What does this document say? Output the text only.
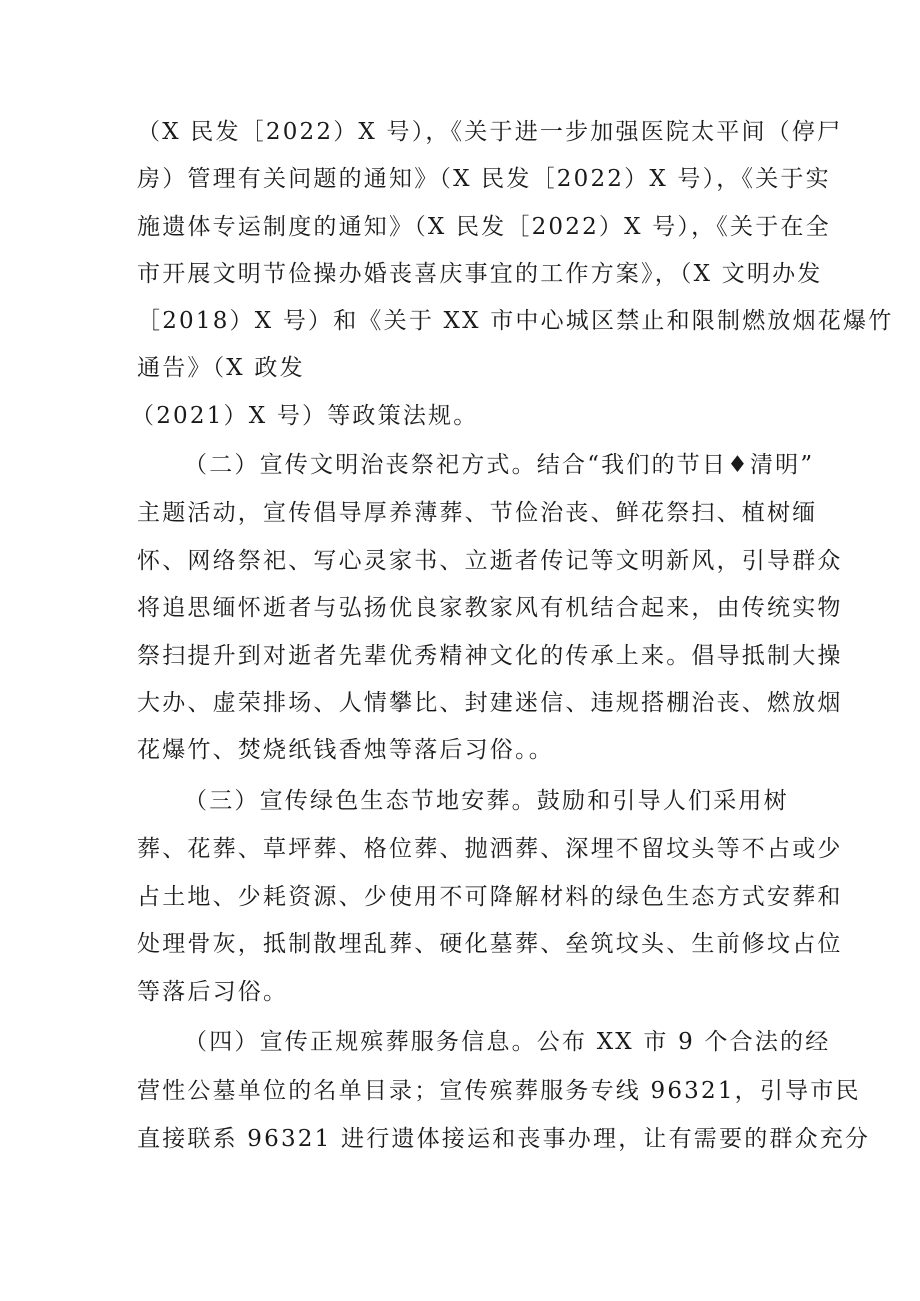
（X 民发［2022）X 号），《关于进一步加强医院太平间（停尸
房）管理有关问题的通知》（X 民发［2022）X 号），《关于实
施遗体专运制度的通知》（X 民发［2022）X 号），《关于在全
市开展文明节俭操办婚丧喜庆事宜的工作方案》，（X 文明办发
［2018）X 号）和《关于 XX 市中心城区禁止和限制燃放烟花爆竹
通告》（X 政发
（2021）X 号）等政策法规。
（二）宣传文明治丧祭祀方式。结合“我们的节日♦清明”
主题活动，宣传倡导厚养薄葬、节俭治丧、鲜花祭扫、植树缅
怀、网络祭祀、写心灵家书、立逝者传记等文明新风，引导群众
将追思缅怀逝者与弘扬优良家教家风有机结合起来，由传统实物
祭扫提升到对逝者先辈优秀精神文化的传承上来。倡导抵制大操
大办、虚荣排场、人情攀比、封建迷信、违规搭棚治丧、燃放烟
花爆竹、焚烧纸钱香烛等落后习俗。。
（三）宣传绿色生态节地安葬。鼓励和引导人们采用树
葬、花葬、草坪葬、格位葬、抛洒葬、深埋不留坟头等不占或少
占土地、少耗资源、少使用不可降解材料的绿色生态方式安葬和
处理骨灰，抵制散埋乱葬、硬化墓葬、垒筑坟头、生前修坟占位
等落后习俗。
（四）宣传正规殡葬服务信息。公布 XX 市 9 个合法的经
营性公墓单位的名单目录；宣传殡葬服务专线 96321，引导市民
直接联系 96321 进行遗体接运和丧事办理，让有需要的群众充分
